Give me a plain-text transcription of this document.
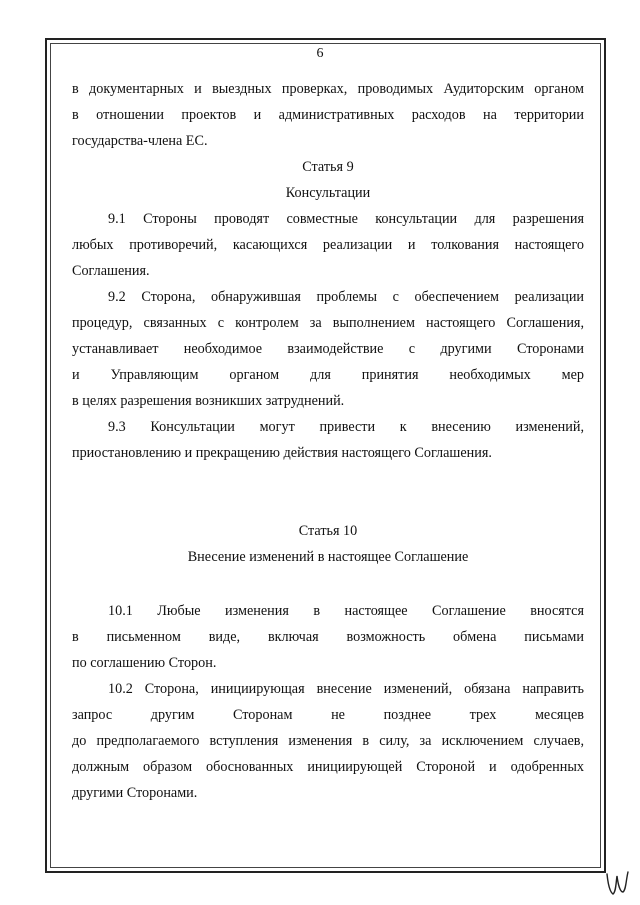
6
в документарных и выездных проверках, проводимых Аудиторским органом
в отношении проектов и административных расходов на территории
государства-члена ЕС.

Статья 9

Консультации

9.1 Стороны проводят совместные консультации для разрешения
любых противоречий, касающихся реализации и толкования настоящего
Соглашения.
9.2 Сторона, обнаружившая проблемы с обеспечением реализации
процедур, связанных с контролем за выполнением настоящего Соглашения,
устанавливает необходимое взаимодействие с другими Сторонами
и Управляющим органом для принятия необходимых мер
в целях разрешения возникших затруднений.
9.3 Консультации могут привести к внесению изменений,
приостановлению и прекращению действия настоящего Соглашения.

Статья 10

Внесение изменений в настоящее Соглашение

10.1 Любые изменения в настоящее Соглашение вносятся
в письменном виде, включая возможность обмена письмами
по соглашению Сторон.
10.2 Сторона, инициирующая внесение изменений, обязана направить
запрос другим Сторонам не позднее трех месяцев
до предполагаемого вступления изменения в силу, за исключением случаев,
должным образом обоснованных инициирующей Стороной и одобренных
другими Сторонами.
